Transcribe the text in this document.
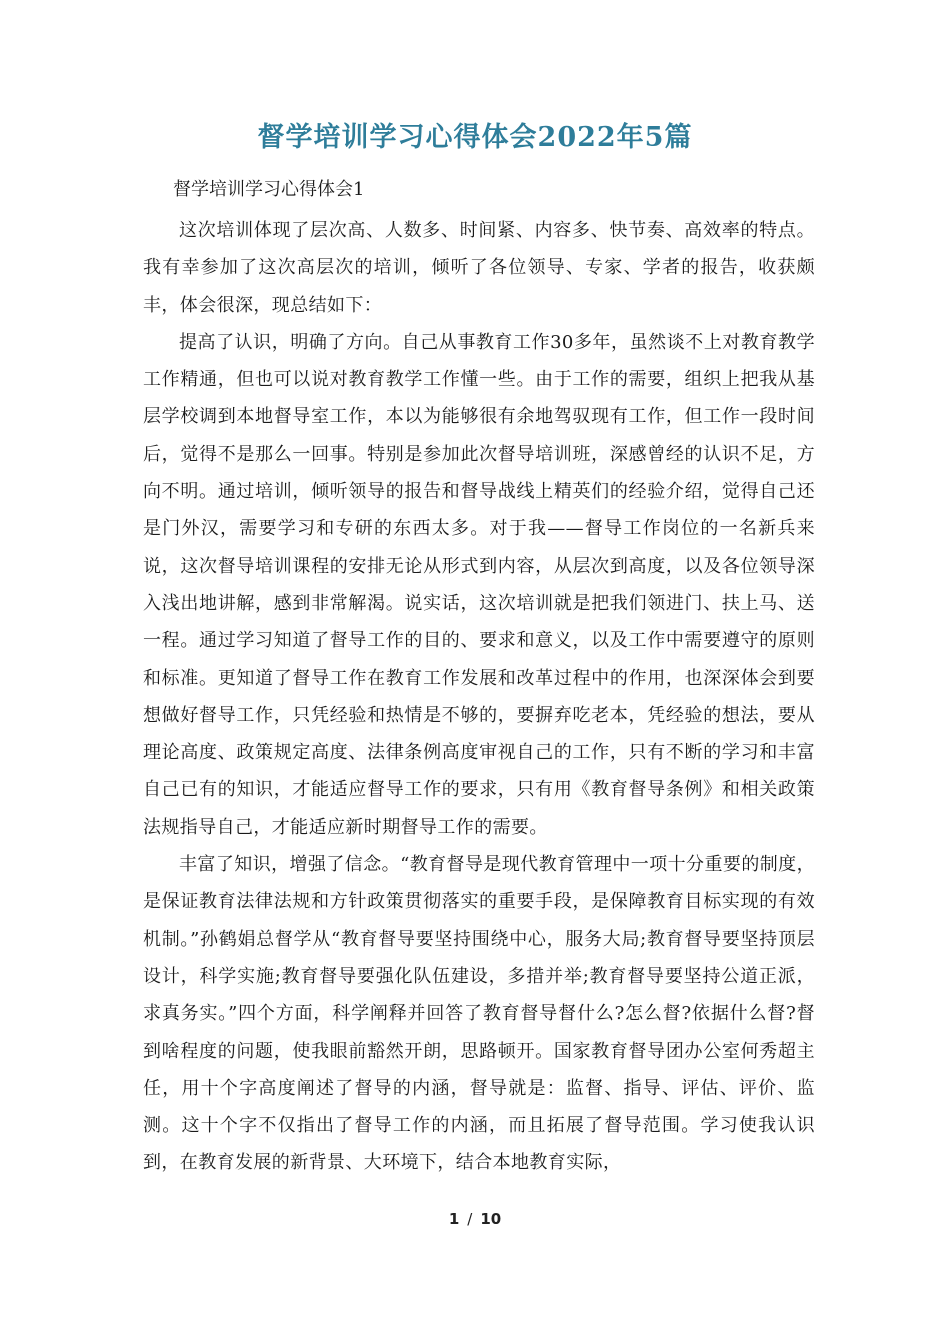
督学培训学习心得体会2022年5篇
督学培训学习心得体会1

这次培训体现了层次高、人数多、时间紧、内容多、快节奏、高效率的特点。我有幸参加了这次高层次的培训，倾听了各位领导、专家、学者的报告，收获颇丰，体会很深，现总结如下：

提高了认识，明确了方向。自己从事教育工作30多年，虽然谈不上对教育教学工作精通，但也可以说对教育教学工作懂一些。由于工作的需要，组织上把我从基层学校调到本地督导室工作，本以为能够很有余地驾驭现有工作，但工作一段时间后，觉得不是那么一回事。特别是参加此次督导培训班，深感曾经的认识不足，方向不明。通过培训，倾听领导的报告和督导战线上精英们的经验介绍，觉得自己还是门外汉，需要学习和专研的东西太多。对于我——督导工作岗位的一名新兵来说，这次督导培训课程的安排无论从形式到内容，从层次到高度，以及各位领导深入浅出地讲解，感到非常解渴。说实话，这次培训就是把我们领进门、扶上马、送一程。通过学习知道了督导工作的目的、要求和意义，以及工作中需要遵守的原则和标准。更知道了督导工作在教育工作发展和改革过程中的作用，也深深体会到要想做好督导工作，只凭经验和热情是不够的，要摒弃吃老本，凭经验的想法，要从理论高度、政策规定高度、法律条例高度审视自己的工作，只有不断的学习和丰富自己已有的知识，才能适应督导工作的要求，只有用《教育督导条例》和相关政策法规指导自己，才能适应新时期督导工作的需要。

丰富了知识，增强了信念。“教育督导是现代教育管理中一项十分重要的制度，是保证教育法律法规和方针政策贯彻落实的重要手段，是保障教育目标实现的有效机制。”孙鹤娟总督学从“教育督导要坚持围绕中心，服务大局;教育督导要坚持顶层设计，科学实施;教育督导要强化队伍建设，多措并举;教育督导要坚持公道正派，求真务实。”四个方面，科学阐释并回答了教育督导督什么?怎么督?依据什么督?督到啥程度的问题，使我眼前豁然开朗，思路顿开。国家教育督导团办公室何秀超主任，用十个字高度阐述了督导的内涵，督导就是：监督、指导、评估、评价、监测。这十个字不仅指出了督导工作的内涵，而且拓展了督导范围。学习使我认识到，在教育发展的新背景、大环境下，结合本地教育实际，

1 / 10
